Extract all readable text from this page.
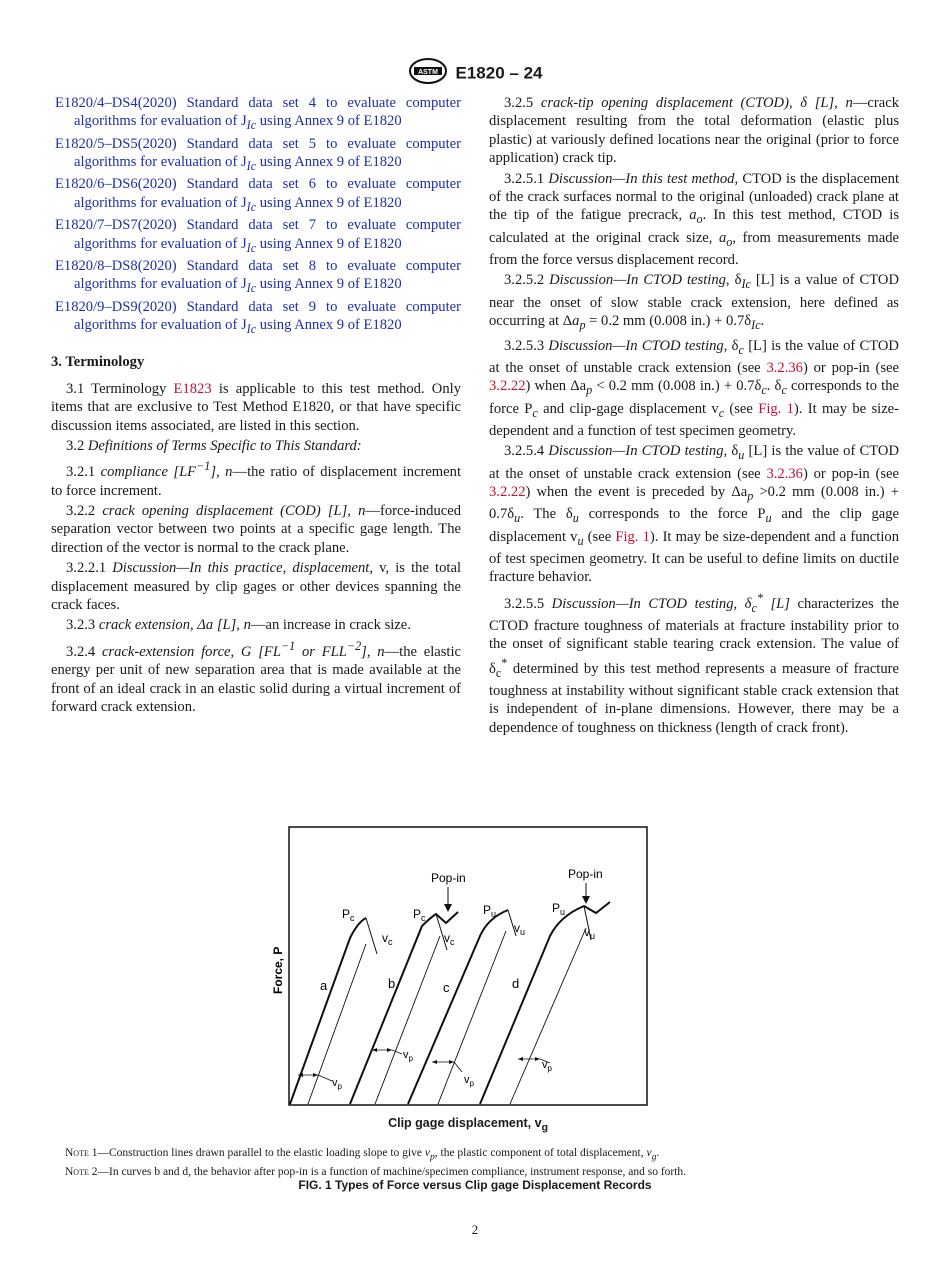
ASTM E1820 – 24

E1820/4–DS4(2020) Standard data set 4 to evaluate computer algorithms for evaluation of $J_{Ic}$ using Annex 9 of E1820

E1820/5–DS5(2020) Standard data set 5 to evaluate computer algorithms for evaluation of $J_{Ic}$ using Annex 9 of E1820

E1820/6–DS6(2020) Standard data set 6 to evaluate computer algorithms for evaluation of $J_{Ic}$ using Annex 9 of E1820

E1820/7–DS7(2020) Standard data set 7 to evaluate computer algorithms for evaluation of $J_{Ic}$ using Annex 9 of E1820

E1820/8–DS8(2020) Standard data set 8 to evaluate computer algorithms for evaluation of $J_{Ic}$ using Annex 9 of E1820

E1820/9–DS9(2020) Standard data set 9 to evaluate computer algorithms for evaluation of $J_{Ic}$ using Annex 9 of E1820

3. Terminology

3.1 Terminology E1823 is applicable to this test method. Only items that are exclusive to Test Method E1820, or that have specific discussion items associated, are listed in this section.

3.2 Definitions of Terms Specific to This Standard:

3.2.1 compliance $[LF^{-1}]$, n—the ratio of displacement increment to force increment.

3.2.2 crack opening displacement (COD) [L], n—force-induced separation vector between two points at a specific gage length. The direction of the vector is normal to the crack plane.

3.2.2.1 Discussion—In this practice, displacement, v, is the total displacement measured by clip gages or other devices spanning the crack faces.

3.2.3 crack extension, Δa [L], n—an increase in crack size.

3.2.4 crack-extension force, G [$FL^{-1}$ or $FLL^{-2}$], n—the elastic energy per unit of new separation area that is made available at the front of an ideal crack in an elastic solid during a virtual increment of forward crack extension.

3.2.5 crack-tip opening displacement (CTOD), δ [L], n—crack displacement resulting from the total deformation (elastic plus plastic) at variously defined locations near the original (prior to force application) crack tip.

3.2.5.1 Discussion—In this test method, CTOD is the displacement of the crack surfaces normal to the original (unloaded) crack plane at the tip of the fatigue precrack, $a_o$. In this test method, CTOD is calculated at the original crack size, $a_o$, from measurements made from the force versus displacement record.

3.2.5.2 Discussion—In CTOD testing, $\delta_{Ic}$ [L] is a value of CTOD near the onset of slow stable crack extension, here defined as occurring at $\Delta a_p = 0.2$ mm (0.008 $in.) + 0.7\delta_{Ic}$.

3.2.5.3 Discussion—In CTOD testing, $\delta_c$ [L] is the value of CTOD at the onset of unstable crack extension (see 3.2.36) or pop-in (see 3.2.22) when $\Delta a_p < 0.2$ mm (0.008 $in.) + 0.7\delta_c$. $\delta_c$ corresponds to the force $P_c$ and clip-gage displacement $v_c$ (see Fig. 1). It may be size-dependent and a function of test specimen geometry.

3.2.5.4 Discussion—In CTOD testing, $\delta_u$ [L] is the value of CTOD at the onset of unstable crack extension (see 3.2.36) or pop-in (see 3.2.22) when the event is preceded by $\Delta a_p >0.2$ mm (0.008 $in.) + 0.7\delta_u$. The $\delta_u$ corresponds to the force $P_u$ and the clip gage displacement $v_u$ (see Fig. 1). It may be size-dependent and a function of test specimen geometry. It can be useful to define limits on ductile fracture behavior.

3.2.5.5 Discussion—In CTOD testing, $\delta_c^*$ [L] characterizes the CTOD fracture toughness of materials at fracture instability prior to the onset of significant stable tearing crack extension. The value of $\delta_c^*$ determined by this test method represents a measure of fracture toughness at instability without significant stable crack extension that is independent of in-plane dimensions. However, there may be a dependence of toughness on thickness (length of crack front).

Force, P
$P_c$	$P_c$
$P_u$	$P_u$
$v_c$	$v_c$
$v_u$	$v_u$
a	b	c	d
Pop-in	Pop-in
$v_p$
$v_p$
$v_p$
$v_p$
Clip gage displacement, $v_g$
Note 1—Construction lines drawn parallel to the elastic loading slope to give $v_p$, the plastic component of total displacement, $v_g$.
Note 2—In curves b and d, the behavior after pop-in is a function of machine/specimen compliance, instrument response, and so forth.
FIG. 1 Types of Force versus Clip gage Displacement Records
2
